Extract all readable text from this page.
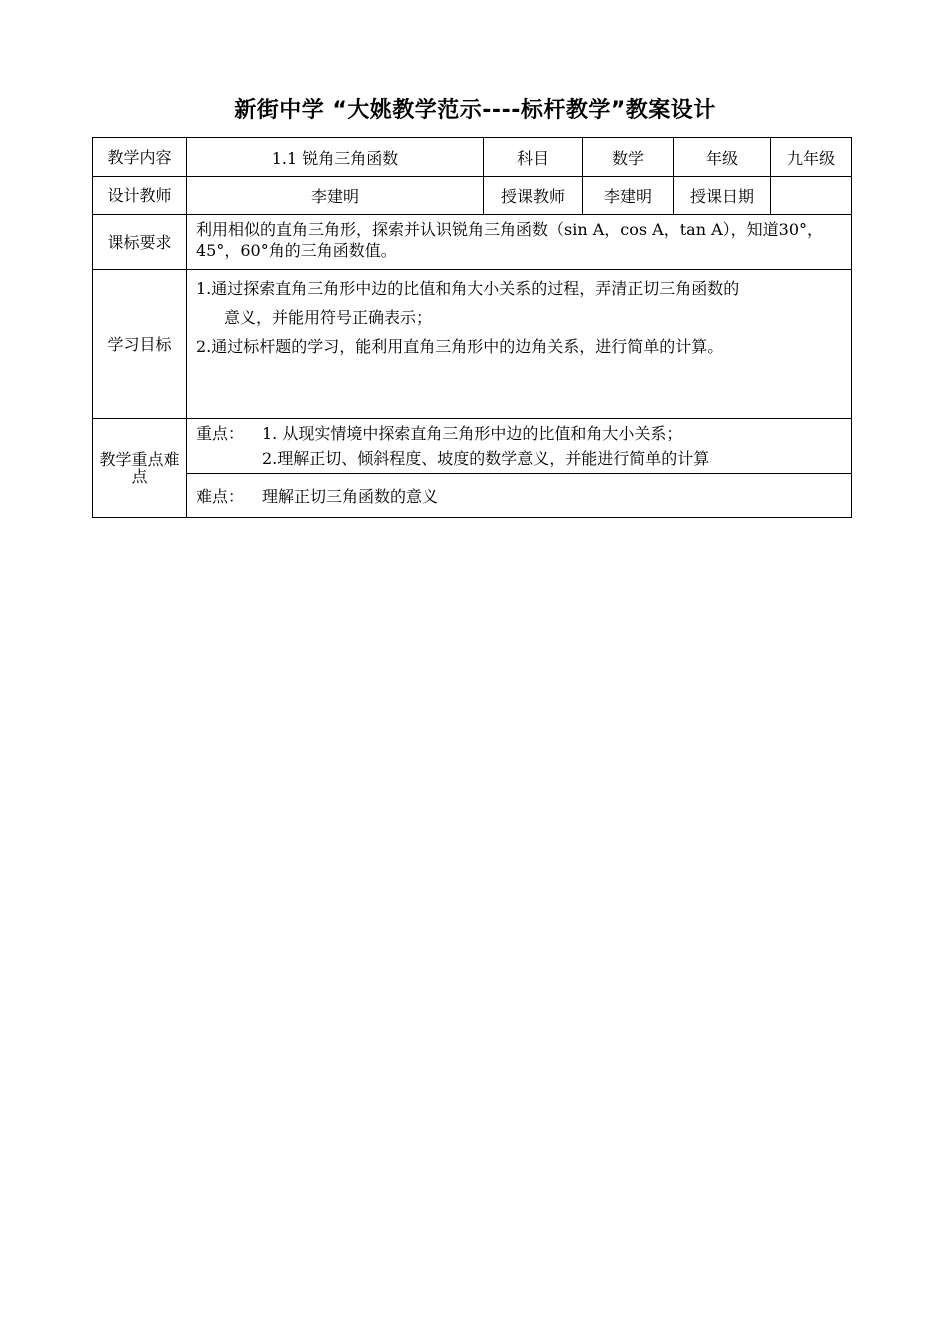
新街中学 “大姚教学范示----标杆教学”教案设计
教学内容	1.1 锐角三角函数	科目	数学	年级	九年级
设计教师	李建明	授课教师	李建明	授课日期	
课标要求	利用相似的直角三角形，探索并认识锐角三角函数（sin A，cos A，tan A），知道30°，45°，60°角的三角函数值。				
学习目标	1.通过探索直角三角形中边的比值和角大小关系的过程，弄清正切三角函数的
意义，并能用符号正确表示；
2.通过标杆题的学习，能利用直角三角形中的边角关系，进行简单的计算。				

教学重点难点	重点： 1. 从现实情境中探索直角三角形中边的比值和角大小关系；
2.理解正切、倾斜程度、坡度的数学意义，并能进行简单的计算				

	难点： 理解正切三角函数的意义				
